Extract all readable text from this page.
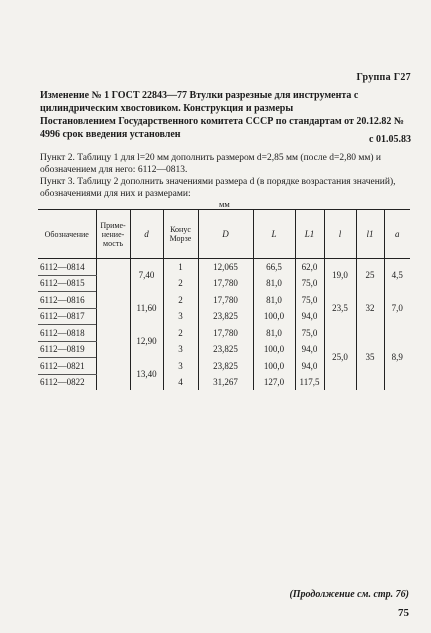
Группа Г27
Изменение № 1 ГОСТ 22843—77 Втулки разрезные для инструмента с цилиндрическим хвостовиком. Конструкция и размеры
Постановлением Государственного комитета СССР по стандартам от 20.12.82 № 4996 срок введения установлен	с 01.05.83
Пункт 2. Таблицу 1 для l=20 мм дополнить размером d=2,85 мм (после d=2,80 мм) и обозначением для него: 6112—0813.
Пункт 3. Таблицу 2 дополнить значениями размера d (в порядке возрастания значений), обозначениями для них и размерами:
мм
Обозначение	Приме-нение-мость	d	Конус Морзе	D	L	L1	l	l1	a
6112—0814		7,40	1	12,065	66,5	62,0	19,0	25	4,5
6112—0815			2	17,780	81,0	75,0			
6112—0816		11,60	2	17,780	81,0	75,0	23,5	32	7,0
6112—0817			3	23,825	100,0	94,0			
6112—0818		12,90	2	17,780	81,0	75,0	25,0	35	8,9
6112—0819			3	23,825	100,0	94,0			
6112—0821		13,40	3	23,825	100,0	94,0			
6112—0822			4	31,267	127,0	117,5			
(Продолжение см. стр. 76)
75
